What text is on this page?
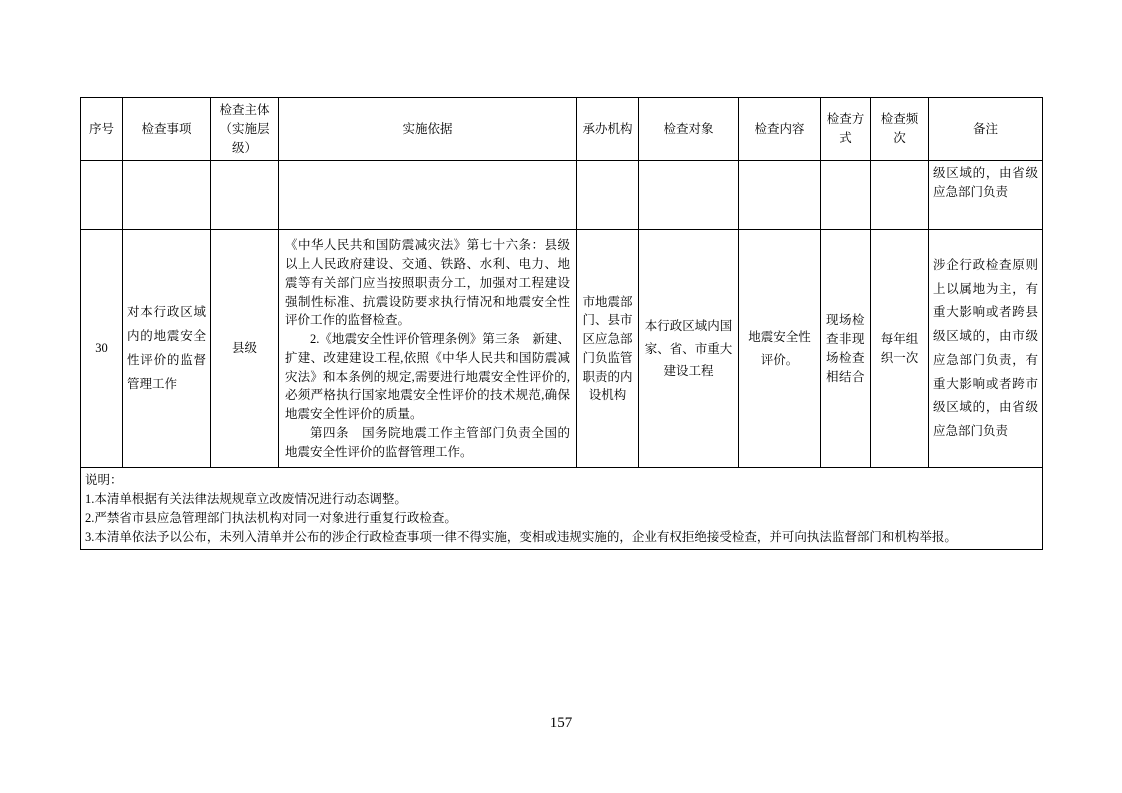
序号	检查事项	检查主体（实施层级）	实施依据	承办机构	检查对象	检查内容	检查方式	检查频次	备注
									级区域的，由省级应急部门负责
30	对本行政区域内的地震安全性评价的监督管理工作	县级	《中华人民共和国防震减灾法》第七十六条：县级以上人民政府建设、交通、铁路、水利、电力、地震等有关部门应当按照职责分工，加强对工程建设强制性标准、抗震设防要求执行情况和地震安全性评价工作的监督检查。

2.《地震安全性评价管理条例》第三条　新建、扩建、改建建设工程,依照《中华人民共和国防震减灾法》和本条例的规定,需要进行地震安全性评价的,必须严格执行国家地震安全性评价的技术规范,确保地震安全性评价的质量。

第四条　国务院地震工作主管部门负责全国的地震安全性评价的监督管理工作。	市地震部门、县市区应急部门负监管职责的内设机构	本行政区域内国家、省、市重大建设工程	地震安全性评价。	现场检查非现场检查相结合	每年组织一次	涉企行政检查原则上以属地为主，有重大影响或者跨县级区域的，由市级应急部门负责，有重大影响或者跨市级区域的，由省级应急部门负责

说明：

1.本清单根据有关法律法规规章立改废情况进行动态调整。

2.严禁省市县应急管理部门执法机构对同一对象进行重复行政检查。

3.本清单依法予以公布，未列入清单并公布的涉企行政检查事项一律不得实施，变相或违规实施的，企业有权拒绝接受检查，并可向执法监督部门和机构举报。									

157
